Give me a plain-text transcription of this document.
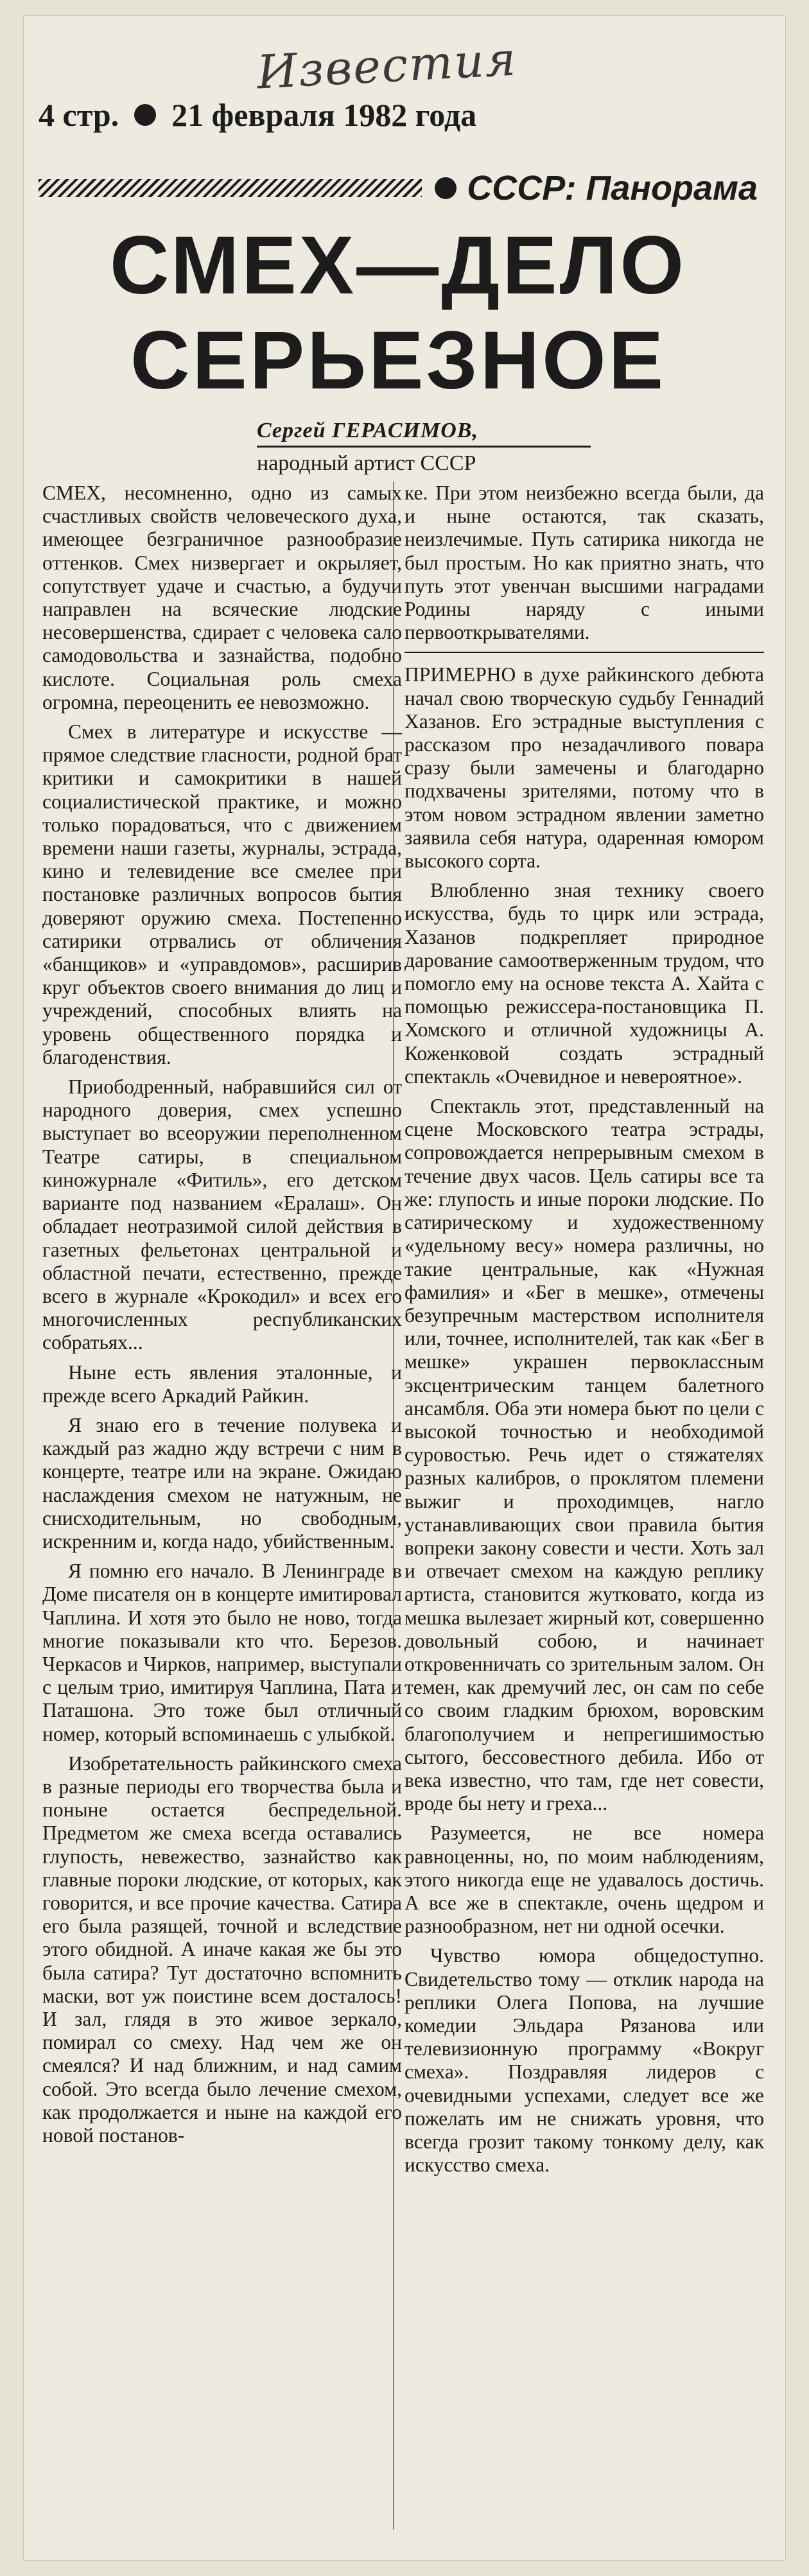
Известия
4 стр. 21 февраля 1982 года
СССР: Панорама
СМЕХ—ДЕЛО
СЕРЬЕЗНОЕ
Сергей ГЕРАСИМОВ,
народный артист СССР

СМЕХ, несомненно, одно из самых счастливых свойств человеческого духа, имеющее безграничное разнообразие оттенков. Смех низвергает и окрыляет, сопутствует удаче и счастью, а будучи направлен на всяческие людские несовершенства, сдирает с человека сало самодовольства и зазнайства, подобно кислоте. Социальная роль смеха огромна, переоценить ее невозможно.

Смех в литературе и искусстве — прямое следствие гласности, родной брат критики и самокритики в нашей социалистической практике, и можно только порадоваться, что с движением времени наши газеты, журналы, эстрада, кино и телевидение все смелее при постановке различных вопросов бытия доверяют оружию смеха. Постепенно сатирики отрвались от обличения «банщиков» и «управдомов», расширив круг объектов своего внимания до лиц и учреждений, способных влиять на уровень общественного порядка и благоденствия.

Приободренный, набравшийся сил от народного доверия, смех успешно выступает во всеоружии переполненном Театре сатиры, в специальном киножурнале «Фитиль», его детском варианте под названием «Ералаш». Он обладает неотразимой силой действия в газетных фельетонах центральной и областной печати, естественно, прежде всего в журнале «Крокодил» и всех его многочисленных республиканских собратьях...

Ныне есть явления эталонные, и прежде всего Аркадий Райкин.

Я знаю его в течение полувека и каждый раз жадно жду встречи с ним в концерте, театре или на экране. Ожидаю наслаждения смехом не натужным, не снисходительным, но свободным, искренним и, когда надо, убийственным.

Я помню его начало. В Ленинграде в Доме писателя он в концерте имитировал Чаплина. И хотя это было не ново, тогда многие показывали кто что. Березов. Черкасов и Чирков, например, выступали с целым трио, имитируя Чаплина, Пата и Паташона. Это тоже был отличный номер, который вспоминаешь с улыбкой.

Изобретательность райкинского смеха в разные периоды его творчества была и поныне остается беспредельной. Предметом же смеха всегда оставались глупость, невежество, зазнайство как главные пороки людские, от которых, как говорится, и все прочие качества. Сатира его была разящей, точной и вследствие этого обидной. А иначе какая же бы это была сатира? Тут достаточно вспомнить маски, вот уж поистине всем досталось! И зал, глядя в это живое зеркало, помирал со смеху. Над чем же он смеялся? И над ближним, и над самим собой. Это всегда было лечение смехом, как продолжается и ныне на каждой его новой постанов-

ке. При этом неизбежно всегда были, да и ныне остаются, так сказать, неизлечимые. Путь сатирика никогда не был простым. Но как приятно знать, что путь этот увенчан высшими наградами Родины наряду с иными первооткрывателями.

ПРИМЕРНО в духе райкинского дебюта начал свою творческую судьбу Геннадий Хазанов. Его эстрадные выступления с рассказом про незадачливого повара сразу были замечены и благодарно подхвачены зрителями, потому что в этом новом эстрадном явлении заметно заявила себя натура, одаренная юмором высокого сорта.

Влюбленно зная технику своего искусства, будь то цирк или эстрада, Хазанов подкрепляет природное дарование самоотверженным трудом, что помогло ему на основе текста А. Хайта с помощью режиссера-постановщика П. Хомского и отличной художницы А. Коженковой создать эстрадный спектакль «Очевидное и невероятное».

Спектакль этот, представленный на сцене Московского театра эстрады, сопровождается непрерывным смехом в течение двух часов. Цель сатиры все та же: глупость и иные пороки людские. По сатирическому и художественному «удельному весу» номера различны, но такие центральные, как «Нужная фамилия» и «Бег в мешке», отмечены безупречным мастерством исполнителя или, точнее, исполнителей, так как «Бег в мешке» украшен первоклассным эксцентрическим танцем балетного ансамбля. Оба эти номера бьют по цели с высокой точностью и необходимой суровостью. Речь идет о стяжателях разных калибров, о проклятом племени выжиг и проходимцев, нагло устанавливающих свои правила бытия вопреки закону совести и чести. Хоть зал и отвечает смехом на каждую реплику артиста, становится жутковато, когда из мешка вылезает жирный кот, совершенно довольный собою, и начинает откровенничать со зрительным залом. Он темен, как дремучий лес, он сам по себе со своим гладким брюхом, воровским благополучием и непрегишимостью сытого, бессовестного дебила. Ибо от века известно, что там, где нет совести, вроде бы нету и греха...

Разумеется, не все номера равноценны, но, по моим наблюдениям, этого никогда еще не удавалось достичь. А все же в спектакле, очень щедром и разнообразном, нет ни одной осечки.

Чувство юмора общедоступно. Свидетельство тому — отклик народа на реплики Олега Попова, на лучшие комедии Эльдара Рязанова или телевизионную программу «Вокруг смеха». Поздравляя лидеров с очевидными успехами, следует все же пожелать им не снижать уровня, что всегда грозит такому тонкому делу, как искусство смеха.
